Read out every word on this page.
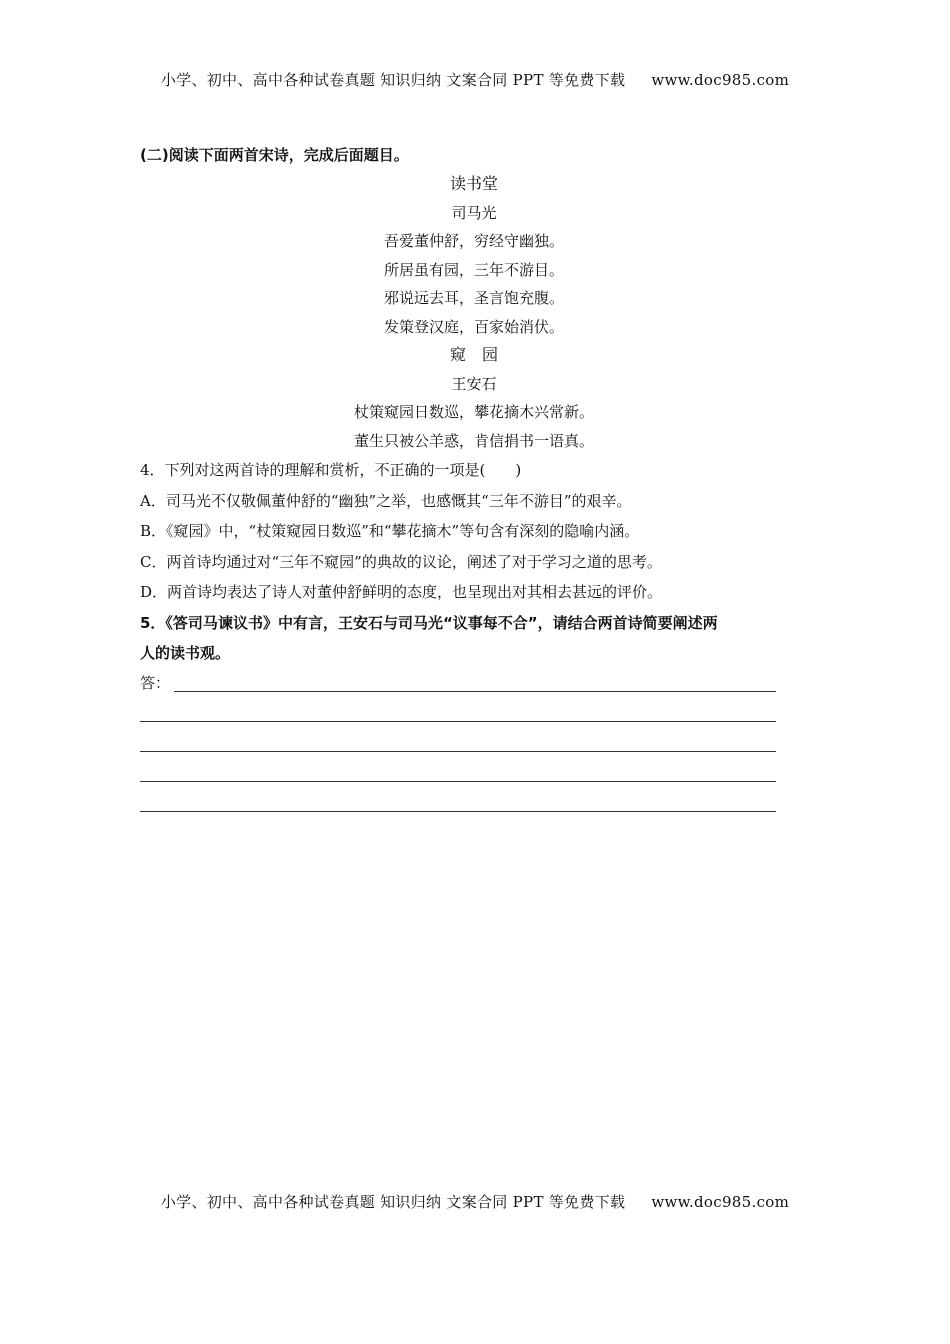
小学、初中、高中各种试卷真题 知识归纳 文案合同 PPT 等免费下载 www.doc985.com
(二)阅读下面两首宋诗，完成后面题目。
读书堂
司马光
吾爱董仲舒，穷经守幽独。
所居虽有园，三年不游目。
邪说远去耳，圣言饱充腹。
发策登汉庭，百家始消伏。
窥　园
王安石
杖策窥园日数巡，攀花摘木兴常新。
董生只被公羊惑，肯信捐书一语真。
4．下列对这两首诗的理解和赏析，不正确的一项是(　　)
A．司马光不仅敬佩董仲舒的“幽独”之举，也感慨其“三年不游目”的艰辛。
B．《窥园》中，“杖策窥园日数巡”和“攀花摘木”等句含有深刻的隐喻内涵。
C．两首诗均通过对“三年不窥园”的典故的议论，阐述了对于学习之道的思考。
D．两首诗均表达了诗人对董仲舒鲜明的态度，也呈现出对其相去甚远的评价。
5．《答司马谏议书》中有言，王安石与司马光“议事每不合”，请结合两首诗简要阐述两
人的读书观。
答：
小学、初中、高中各种试卷真题 知识归纳 文案合同 PPT 等免费下载 www.doc985.com
